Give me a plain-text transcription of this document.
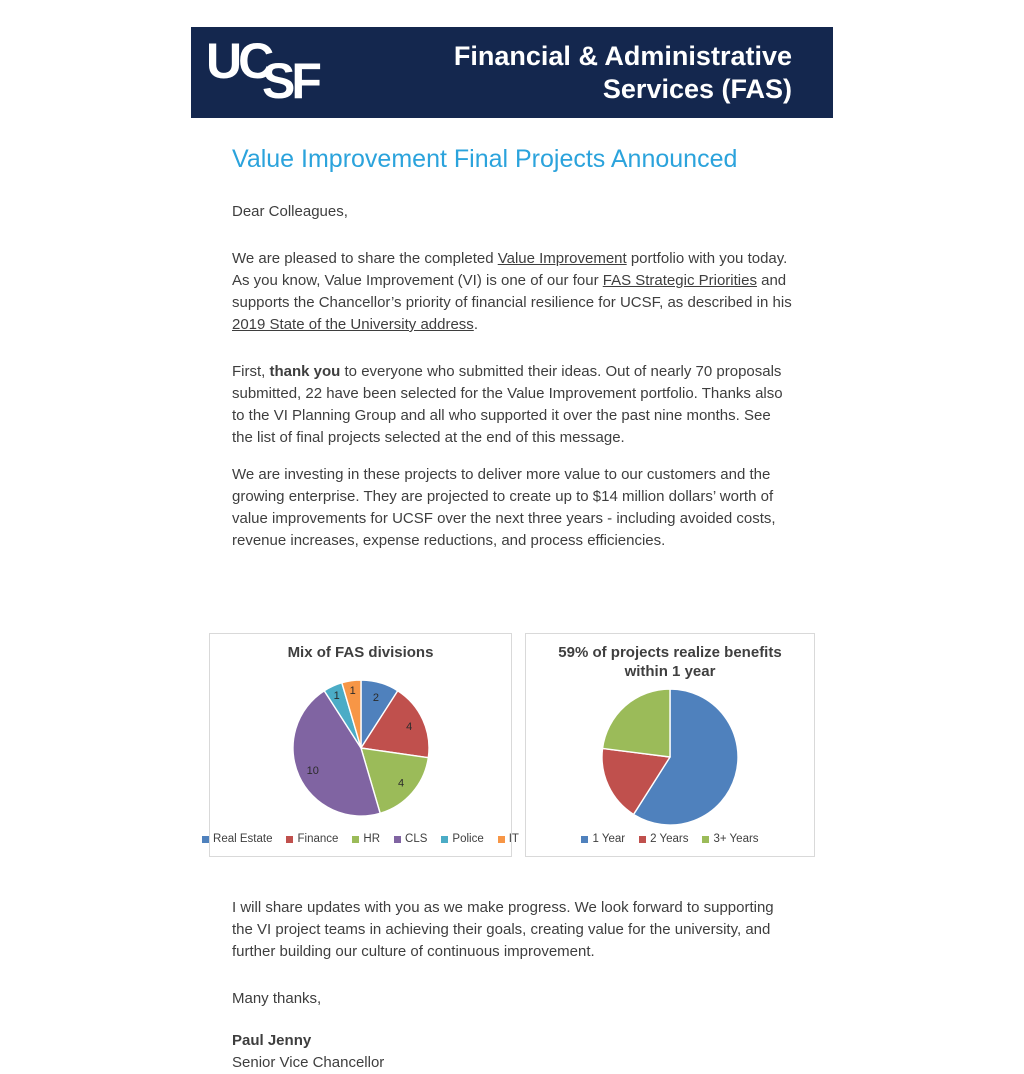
UC
SF	Financial & Administrative
Services (FAS)
Value Improvement Final Projects Announced

Dear Colleagues,

We are pleased to share the completed Value Improvement portfolio with you today. As you know, Value Improvement (VI) is one of our four FAS Strategic Priorities and supports the Chancellor’s priority of financial resilience for UCSF, as described in his 2019 State of the University address.

First, thank you to everyone who submitted their ideas. Out of nearly 70 proposals submitted, 22 have been selected for the Value Improvement portfolio. Thanks also to the VI Planning Group and all who supported it over the past nine months. See the list of final projects selected at the end of this message.

We are investing in these projects to deliver more value to our customers and the growing enterprise. They are projected to create up to $14 million dollars’ worth of value improvements for UCSF over the next three years - including avoided costs, revenue increases, expense reductions, and process efficiencies.

Mix of FAS divisions
2
4
4
10
1 1
Real Estate Finance HR CLS Police IT
59% of projects realize benefits within 1 year
1 Year 2 Years 3+ Years

I will share updates with you as we make progress. We look forward to supporting the VI project teams in achieving their goals, creating value for the university, and further building our culture of continuous improvement.

Many thanks,

Paul Jenny

Senior Vice Chancellor
